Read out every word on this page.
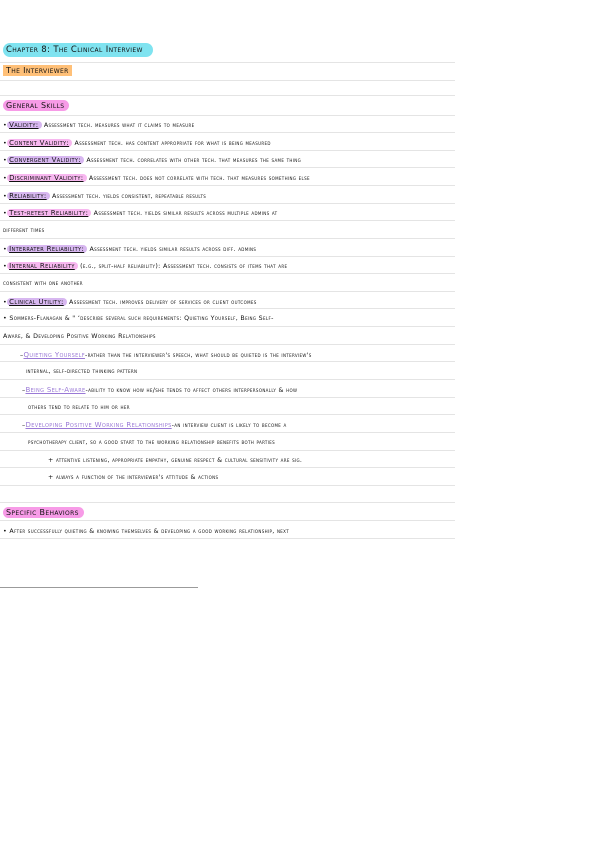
Chapter 8: The Clinical Interview
The Interviewer
General Skills
• Validity: Assessment tech. measures what it claims to measure
• Content Validity: Assessment tech. has content appropriate for what is being measured
• Convergent Validity: Assessment tech. correlates with other tech. that measures the same thing
• Discriminant Validity: Assessment tech. does not correlate with tech. that measures something else
• Reliability: Assessment tech. yields consistent, repeatable results
• Test-retest Reliability: Assessment tech. yields similar results across multiple admins at
different times
• Interrater Reliability: Assessment tech. yields similar results across diff. admins
• Internal Reliability (e.g., split-half reliability): Assessment tech. consists of items that are
consistent with one another
• Clinical Utility: Assessment tech. improves delivery of services or client outcomes
• Sommers-Flanagan & " ‘describe several such requirements: Quieting Yourself, Being Self-
Aware, & Developing Positive Working Relationships
–Quieting Yourself-rather than the interviewer's speech, what should be quieted is the interview's
internal, self-directed thinking pattern
–Being Self-Aware-ability to know how he/she tends to affect others interpersonally & how
others tend to relate to him or her
–Developing Positive Working Relationships-an interview client is likely to become a
psychotherapy client, so a good start to the working relationship benefits both parties
+ attentive listening, appropriate empathy, genuine respect & cultural sensitivity are sig.
+ always a function of the interviewer's attitude & actions
Specific Behaviors
• After successfully quieting & knowing themselves & developing a good working relationship, next
